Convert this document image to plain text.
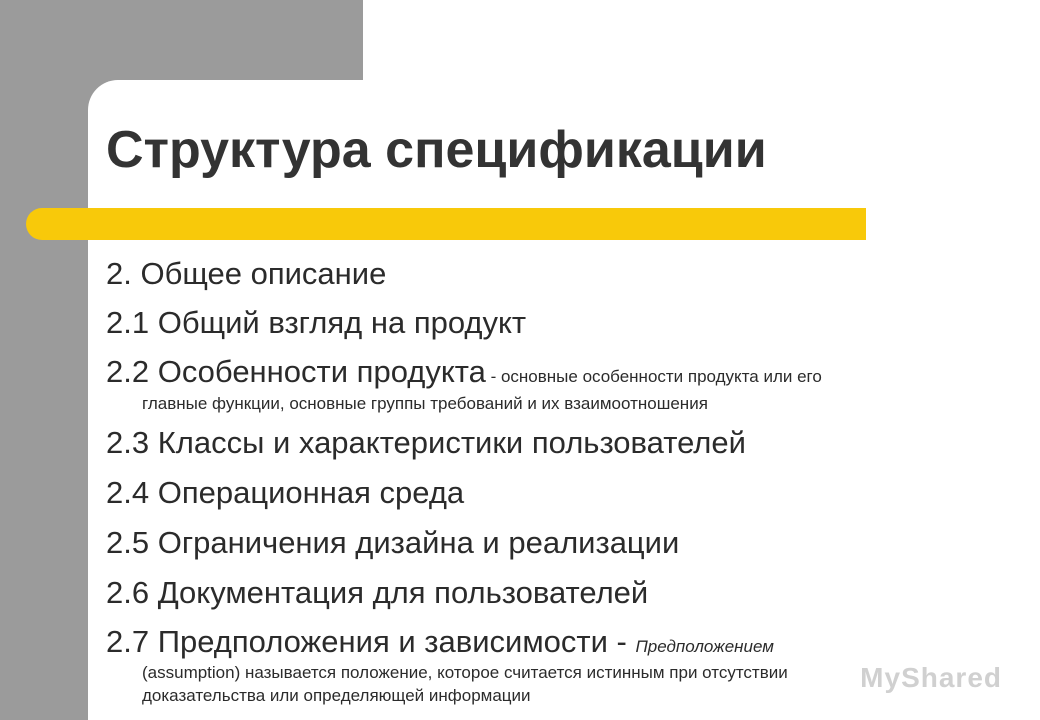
Структура спецификации
2. Общее описание
2.1 Общий взгляд на продукт
2.2 Особенности продукта - основные особенности продукта или его
главные функции, основные группы требований и их взаимоотношения
2.3 Классы и характеристики пользователей
2.4 Операционная среда
2.5 Ограничения дизайна и реализации
2.6 Документация для пользователей
2.7 Предположения и зависимости - Предположением
(assumption) называется положение, которое считается истинным при отсутствии
доказательства или определяющей информации
MyShared
